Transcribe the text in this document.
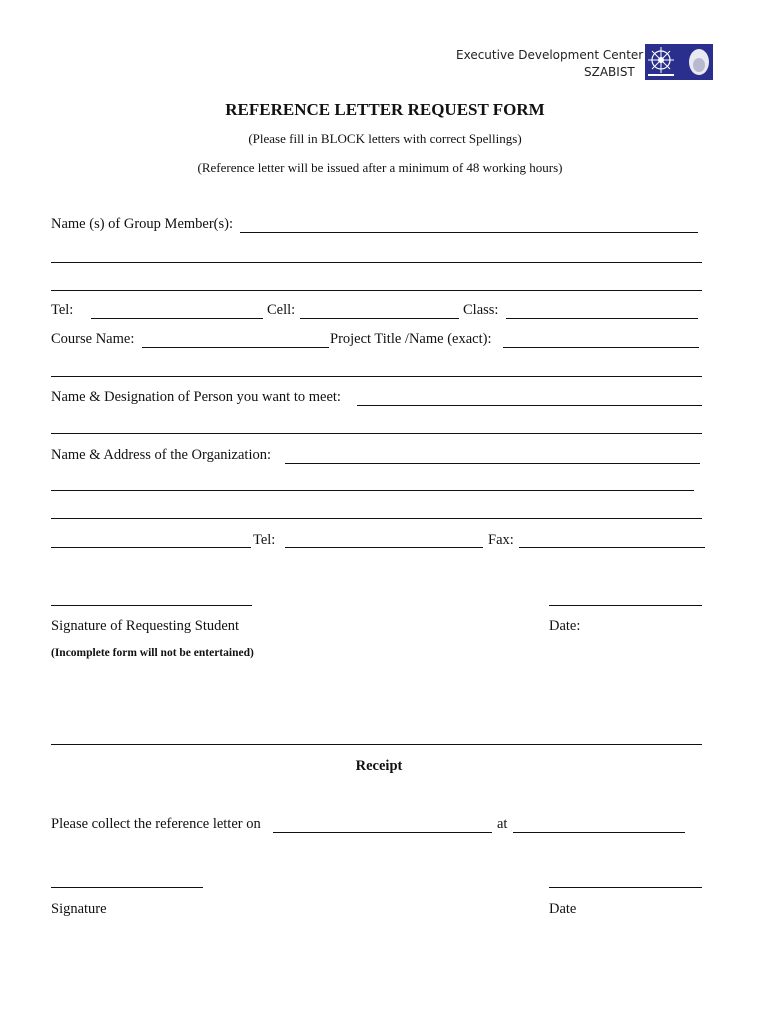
Executive Development Center
SZABIST
REFERENCE LETTER REQUEST FORM
(Please fill in BLOCK letters with correct Spellings)
(Reference letter will be issued after a minimum of 48 working hours)
Name (s) of Group Member(s):
Tel:	Cell:	Class:
Course Name:	Project Title /Name (exact):
Name & Designation of Person you want to meet:
Name & Address of the Organization:
Tel:	Fax:
Signature of Requesting Student	Date:
(Incomplete form will not be entertained)
Receipt
Please collect the reference letter on	at
Signature	Date
